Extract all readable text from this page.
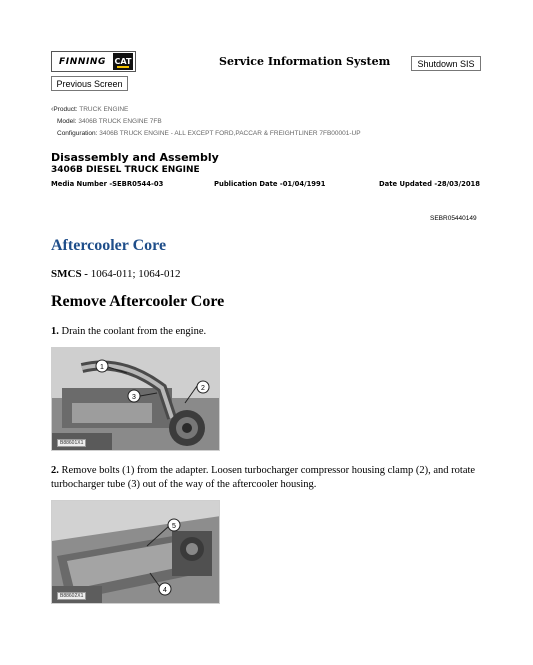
FINNING	CAT
Previous Screen
Service Information System	Shutdown SIS
‹Product: TRUCK ENGINE
Model: 3406B TRUCK ENGINE 7FB
Configuration: 3406B TRUCK ENGINE - ALL EXCEPT FORD,PACCAR & FREIGHTLINER 7FB00001-UP
Disassembly and Assembly
3406B DIESEL TRUCK ENGINE
Media Number -SEBR0544-03	Publication Date -01/04/1991	Date Updated -28/03/2018
SEBR05440149
Aftercooler Core
SMCS - 1064-011; 1064-012
Remove Aftercooler Core
1. Drain the coolant from the engine.
1
3
2
B88601X1
2. Remove bolts (1) from the adapter. Loosen turbocharger compressor housing clamp (2), and rotate turbocharger tube (3) out of the way of the aftercooler housing.
5
4
B88602X1
